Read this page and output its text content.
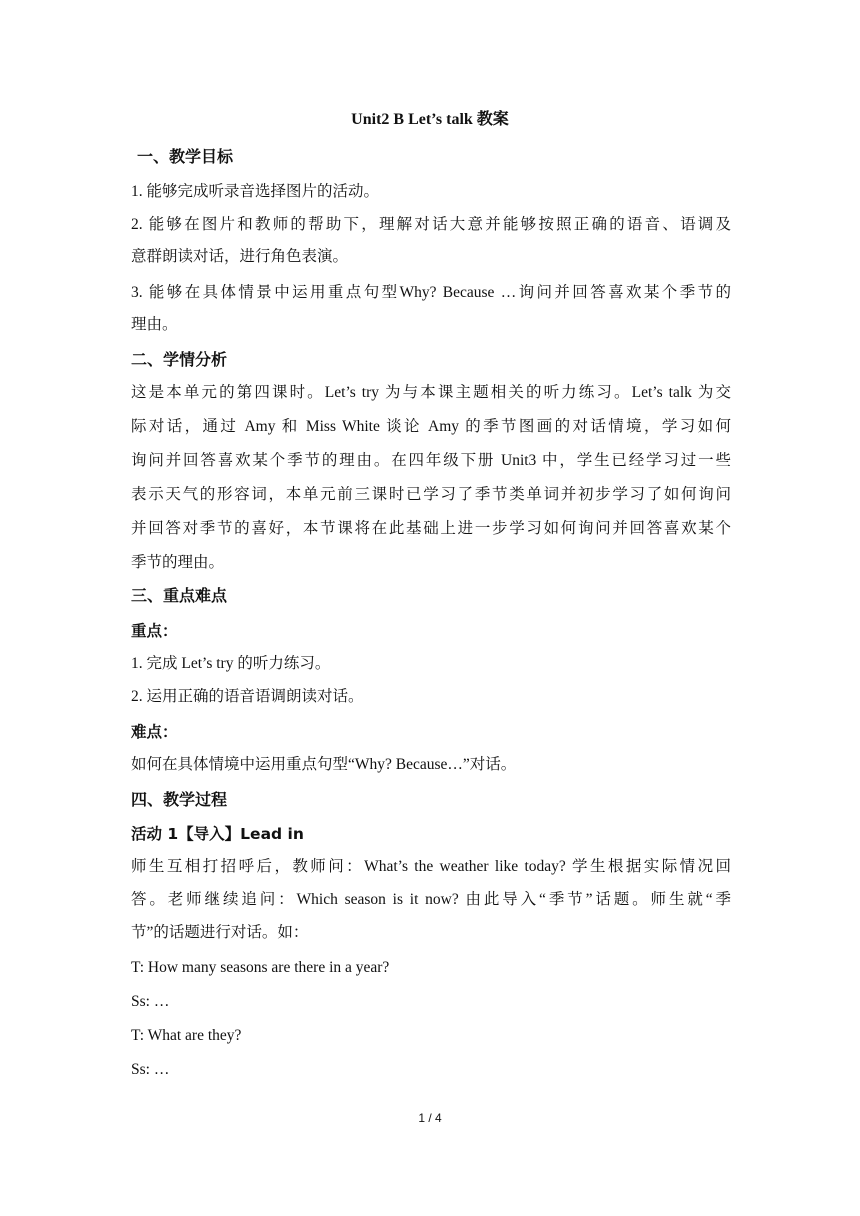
Unit2 B Let’s talk 教案
一、教学目标
1. 能够完成听录音选择图片的活动。
2. 能够在图片和教师的帮助下，理解对话大意并能够按照正确的语音、语调及
意群朗读对话，进行角色表演。
3. 能够在具体情景中运用重点句型Why? Because …询问并回答喜欢某个季节的
理由。
二、学情分析
这是本单元的第四课时。Let’s try 为与本课主题相关的听力练习。Let’s talk 为交
际对话，通过 Amy 和 Miss White 谈论 Amy 的季节图画的对话情境，学习如何
询问并回答喜欢某个季节的理由。在四年级下册 Unit3 中，学生已经学习过一些
表示天气的形容词，本单元前三课时已学习了季节类单词并初步学习了如何询问
并回答对季节的喜好，本节课将在此基础上进一步学习如何询问并回答喜欢某个
季节的理由。
三、重点难点
重点：
1. 完成 Let’s try 的听力练习。
2. 运用正确的语音语调朗读对话。
难点：
如何在具体情境中运用重点句型“Why? Because…”对话。
四、教学过程
活动 1【导入】Lead in
师生互相打招呼后，教师问：What’s the weather like today? 学生根据实际情况回
答。老师继续追问：Which season is it now? 由此导入“季节”话题。师生就“季
节”的话题进行对话。如：
T: How many seasons are there in a year?
Ss: …
T: What are they?
Ss: …
1 / 4
